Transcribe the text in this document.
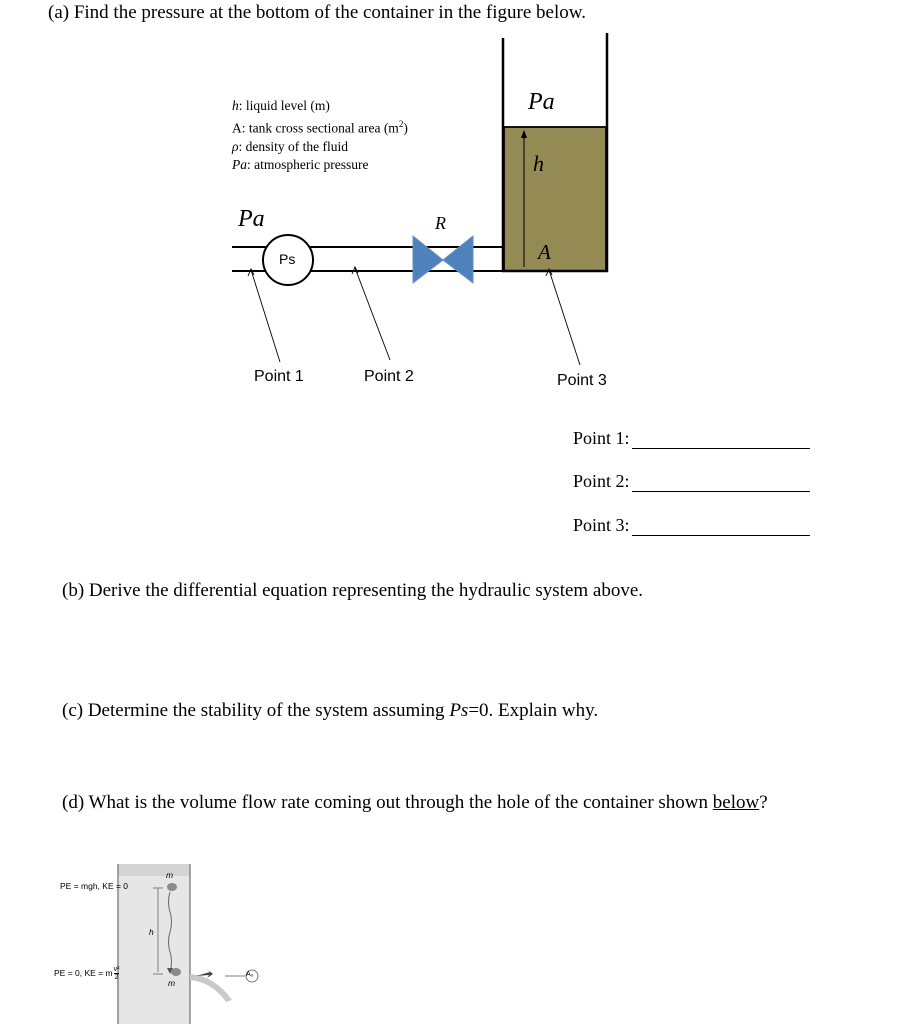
(a) Find the pressure at the bottom of the container in the figure below.
h: liquid level (m)
A: tank cross sectional area $(m^2)$
ρ: density of the fluid
Pa: atmospheric pressure
Pa
Pa
h
A
R
Ps
Point 1	Point 2	Point 3
Point 1:
Point 2:
Point 3:
(b) Derive the differential equation representing the hydraulic system above.
(c) Determine the stability of the system assuming Ps=0. Explain why.
(d) What is the volume flow rate coming out through the hole of the container shown below?
PE = mgh, KE = 0
PE = 0, KE = m $\frac{\text{v²}}{2}$
h
m
m
A₀
